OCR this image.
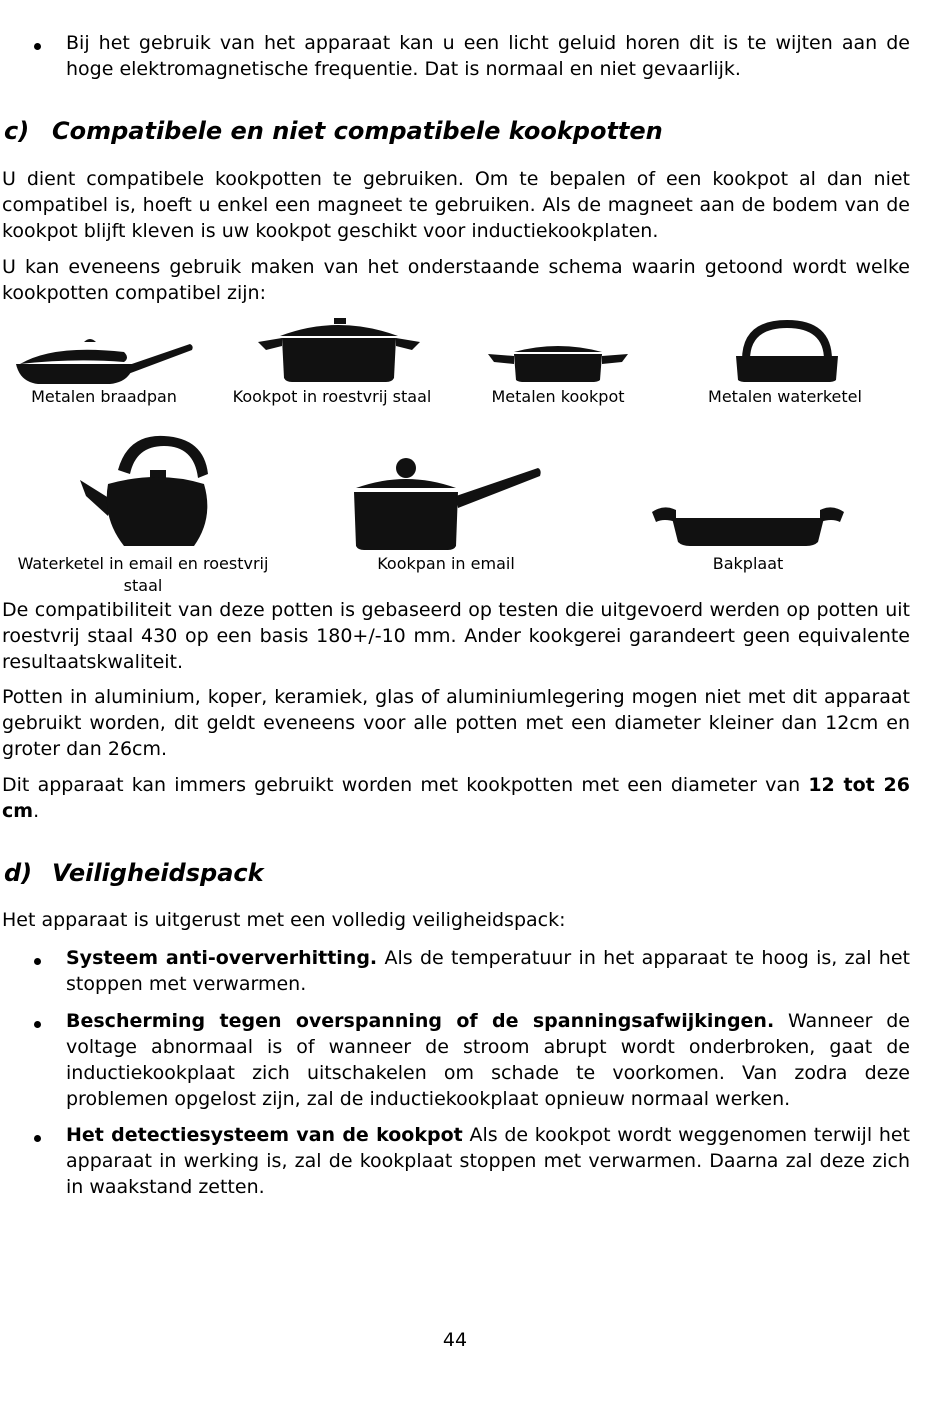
Bij het gebruik van het apparaat kan u een licht geluid horen dit is te wijten aan de hoge elektromagnetische frequentie. Dat is normaal en niet gevaarlijk.

c) Compatibele en niet compatibele kookpotten

U dient compatibele kookpotten te gebruiken. Om te bepalen of een kookpot al dan niet compatibel is, hoeft u enkel een magneet te gebruiken. Als de magneet aan de bodem van de kookpot blijft kleven is uw kookpot geschikt voor inductiekookplaten.

U kan eveneens gebruik maken van het onderstaande schema waarin getoond wordt welke kookpotten compatibel zijn:

Metalen braadpan	Kookpot in roestvrij staal	Metalen kookpot	Metalen waterketel
Waterketel in email en roestvrij staal
Kookpan in email	Bakplaat

De compatibiliteit van deze potten is gebaseerd op testen die uitgevoerd werden op potten uit roestvrij staal 430 op een basis 180+/-10 mm. Ander kookgerei garandeert geen equivalente resultaatskwaliteit.

Potten in aluminium, koper, keramiek, glas of aluminiumlegering mogen niet met dit apparaat gebruikt worden, dit geldt eveneens voor alle potten met een diameter kleiner dan 12cm en groter dan 26cm.

Dit apparaat kan immers gebruikt worden met kookpotten met een diameter van 12 tot 26 cm.

d) Veiligheidspack

Het apparaat is uitgerust met een volledig veiligheidspack:

Systeem anti-oververhitting. Als de temperatuur in het apparaat te hoog is, zal het stoppen met verwarmen.

Bescherming tegen overspanning of de spanningsafwijkingen. Wanneer de voltage abnormaal is of wanneer de stroom abrupt wordt onderbroken, gaat de inductiekookplaat zich uitschakelen om schade te voorkomen. Van zodra deze problemen opgelost zijn, zal de inductiekookplaat opnieuw normaal werken.

Het detectiesysteem van de kookpot Als de kookpot wordt weggenomen terwijl het apparaat in werking is, zal de kookplaat stoppen met verwarmen. Daarna zal deze zich in waakstand zetten.

44
